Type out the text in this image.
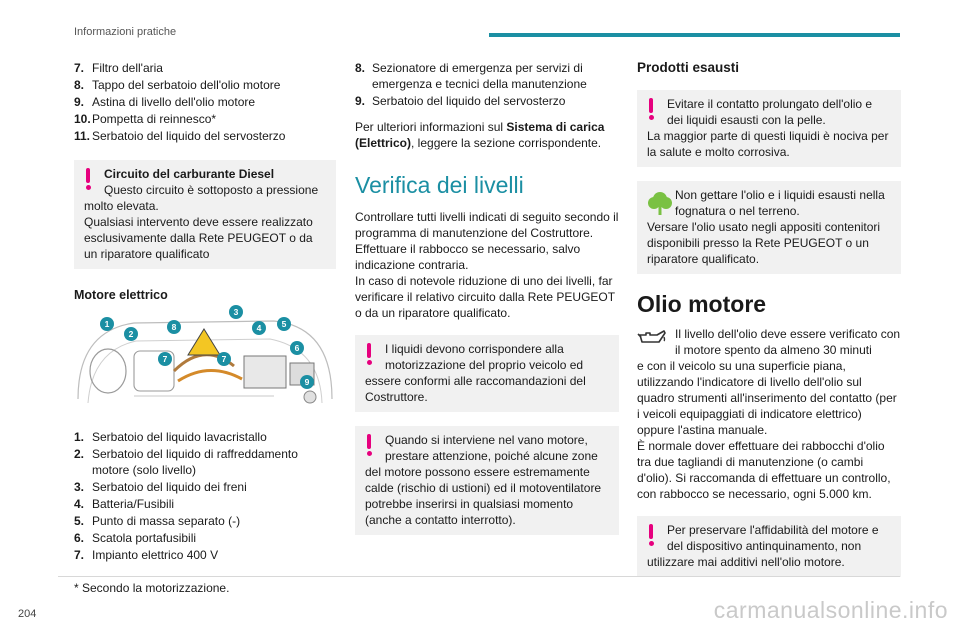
Informazioni pratiche
7. Filtro dell'aria
8. Tappo del serbatoio dell'olio motore
9. Astina di livello dell'olio motore
10. Pompetta di reinnesco*
11. Serbatoio del liquido del servosterzo

Circuito del carburante Diesel
Questo circuito è sottoposto a pressione

molto elevata.
Qualsiasi intervento deve essere realizzato esclusivamente dalla Rete PEUGEOT o da un riparatore qualificato

Motore elettrico
1
2
3
4	5
6
7	7
8
9
1. Serbatoio del liquido lavacristallo
2. Serbatoio del liquido di raffreddamento motore (solo livello)
3. Serbatoio del liquido dei freni
4. Batteria/Fusibili
5. Punto di massa separato (-)
6. Scatola portafusibili
7. Impianto elettrico 400 V
8. Sezionatore di emergenza per servizi di emergenza e tecnici della manutenzione
9. Serbatoio del liquido del servosterzo

Per ulteriori informazioni sul Sistema di carica (Elettrico), leggere la sezione corrispondente.

Verifica dei livelli

Controllare tutti livelli indicati di seguito secondo il programma di manutenzione del Costruttore. Effettuare il rabbocco se necessario, salvo indicazione contraria.
In caso di notevole riduzione di uno dei livelli, far verificare il relativo circuito dalla Rete PEUGEOT o da un riparatore qualificato.

I liquidi devono corrispondere alla motorizzazione del proprio veicolo ed

essere conformi alle raccomandazioni del Costruttore.

Quando si interviene nel vano motore, prestare attenzione, poiché alcune zone

del motore possono essere estremamente calde (rischio di ustioni) ed il motoventilatore potrebbe inserirsi in qualsiasi momento (anche a contatto interrotto).

Prodotti esausti

Evitare il contatto prolungato dell'olio e dei liquidi esausti con la pelle.

La maggior parte di questi liquidi è nociva per la salute e molto corrosiva.

Non gettare l'olio e i liquidi esausti nella fognatura o nel terreno.

Versare l'olio usato negli appositi contenitori disponibili presso la Rete PEUGEOT o un riparatore qualificato.

Olio motore

Il livello dell'olio deve essere verificato con il motore spento da almeno 30 minuti

e con il veicolo su una superficie piana, utilizzando l'indicatore di livello dell'olio sul quadro strumenti all'inserimento del contatto (per i veicoli equipaggiati di indicatore elettrico) oppure l'astina manuale.
È normale dover effettuare dei rabbocchi d'olio tra due tagliandi di manutenzione (o cambi d'olio). Si raccomanda di effettuare un controllo, con rabbocco se necessario, ogni 5.000 km.

Per preservare l'affidabilità del motore e del dispositivo antinquinamento, non

utilizzare mai additivi nell'olio motore.

* Secondo la motorizzazione.
204	carmanualsonline.info
